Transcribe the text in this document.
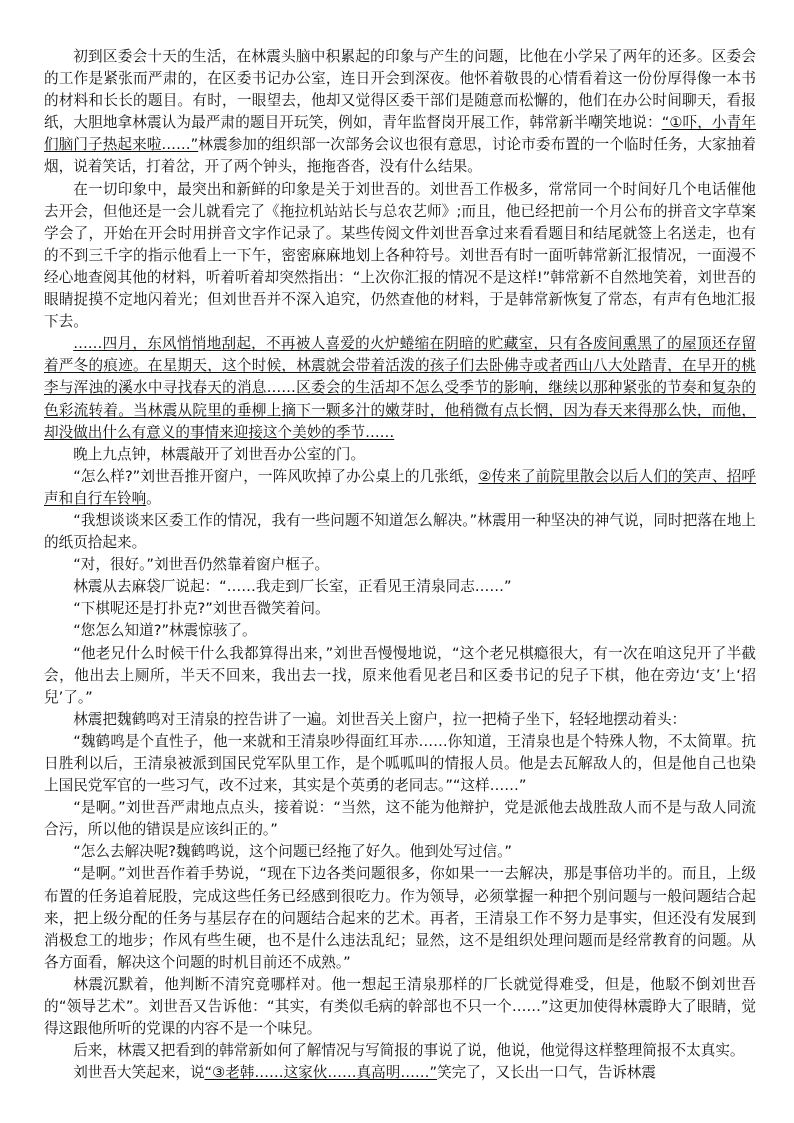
初到区委会十天的生活，在林震头脑中积累起的印象与产生的问题，比他在小学呆了两年的还多。区委会的工作是紧张而严肃的，在区委书记办公室，连日开会到深夜。他怀着敬畏的心情看着这一份份厚得像一本书的材料和长长的题目。有时，一眼望去，他却又觉得区委干部们是随意而松懈的，他们在办公时间聊天，看报纸，大胆地拿林震认为最严肃的题目开玩笑，例如，青年监督岗开展工作，韩常新半嘲笑地说：“①吓，小青年们脑门子热起来啦……”林震参加的组织部一次部务会议也很有意思，讨论市委布置的一个临时任务，大家抽着烟，说着笑话，打着岔，开了两个钟头，拖拖沓沓，没有什么结果。

在一切印象中，最突出和新鲜的印象是关于刘世吾的。刘世吾工作极多，常常同一个时间好几个电话催他去开会，但他还是一会儿就看完了《拖拉机站站长与总农艺师》;而且，他已经把前一个月公布的拼音文字草案学会了，开始在开会时用拼音文字作记录了。某些传阅文件刘世吾拿过来看看题目和结尾就签上名送走，也有的不到三千字的指示他看上一下午，密密麻麻地划上各种符号。刘世吾有时一面听韩常新汇报情况，一面漫不经心地查阅其他的材料，听着听着却突然指出：“上次你汇报的情况不是这样!”韩常新不自然地笑着，刘世吾的眼睛捉摸不定地闪着光；但刘世吾并不深入追究，仍然查他的材料，于是韩常新恢复了常态，有声有色地汇报下去。

……四月，东风悄悄地刮起，不再被人喜爱的火炉蜷缩在阴暗的贮藏室，只有各废间熏黑了的屋顶还存留着严冬的痕迹。在星期天，这个时候，林震就会带着活泼的孩子们去卧佛寺或者西山八大处踏青，在早开的桃李与浑浊的溪水中寻找春天的消息……区委会的生活却不怎么受季节的影响，继续以那种紧张的节奏和复杂的色彩流转着。当林震从院里的垂柳上摘下一颗多汁的嫩芽时，他稍微有点长惘，因为春天来得那么快，而他，却没做出什么有意义的事情来迎接这个美妙的季节……

晚上九点钟，林震敲开了刘世吾办公室的门。

“怎么样?”刘世吾推开窗户，一阵风吹掉了办公桌上的几张纸，②传来了前院里散会以后人们的笑声、招呼声和自行车铃响。

“我想谈谈来区委工作的情况，我有一些问题不知道怎么解决。”林震用一种坚决的神气说，同时把落在地上的纸页拾起来。

“对，很好。”刘世吾仍然靠着窗户框子。

林震从去麻袋厂说起：“……我走到厂长室，正看见王清泉同志……”

“下棋呢还是打扑克?”刘世吾微笑着问。

“您怎么知道?”林震惊骇了。

“他老兄什么时候干什么我都算得出来，”刘世吾慢慢地说，“这个老兄棋瘾很大，有一次在咱这兒开了半截会，他出去上厕所，半天不回来，我出去一找，原来他看见老吕和区委书记的兒子下棋，他在旁边‘支’上‘招兒’了。”

林震把魏鹤鸣对王清泉的控告讲了一遍。刘世吾关上窗户，拉一把椅子坐下，轻轻地摆动着头：

“魏鹤鸣是个直性子，他一来就和王清泉吵得面红耳赤……你知道，王清泉也是个特殊人物，不太简單。抗日胜利以后，王清泉被派到国民党军队里工作，是个呱呱叫的情报人员。他是去瓦解敌人的，但是他自己也染上国民党军官的一些习气，改不过来，其实是个英勇的老同志。”“这样……”

“是啊。”刘世吾严肃地点点头，接着说：“当然，这不能为他辩护，党是派他去战胜敌人而不是与敌人同流合污，所以他的错误是应该纠正的。”

“怎么去解决呢?魏鹤鸣说，这个问题已经拖了好久。他到处写过信。”

“是啊。”刘世吾作着手势说，“现在下边各类问题很多，你如果一一去解决，那是事倍功半的。而且，上级布置的任务追着屁股，完成这些任务已经感到很吃力。作为领导，必须掌握一种把个别问题与一般问题结合起来，把上级分配的任务与基层存在的问题结合起来的艺术。再者，王清泉工作不努力是事实，但还没有发展到消极怠工的地步；作风有些生硬，也不是什么违法乱纪；显然，这不是组织处理问题而是经常教育的问题。从各方面看，解决这个问题的时机目前还不成熟。”

林震沉默着，他判断不清究竟哪样对。他一想起王清泉那样的厂长就觉得难受，但是，他駁不倒刘世吾的“领导艺术”。刘世吾又告诉他：“其实，有类似毛病的幹部也不只一个……”这更加使得林震睁大了眼睛，觉得这跟他所听的党课的内容不是一个味兒。

后来，林震又把看到的韩常新如何了解情况与写简报的事说了说，他说，他觉得这样整理简报不太真实。

刘世吾大笑起来，说“③老韩……这家伙……真高明……”笑完了，又长出一口气，告诉林震
